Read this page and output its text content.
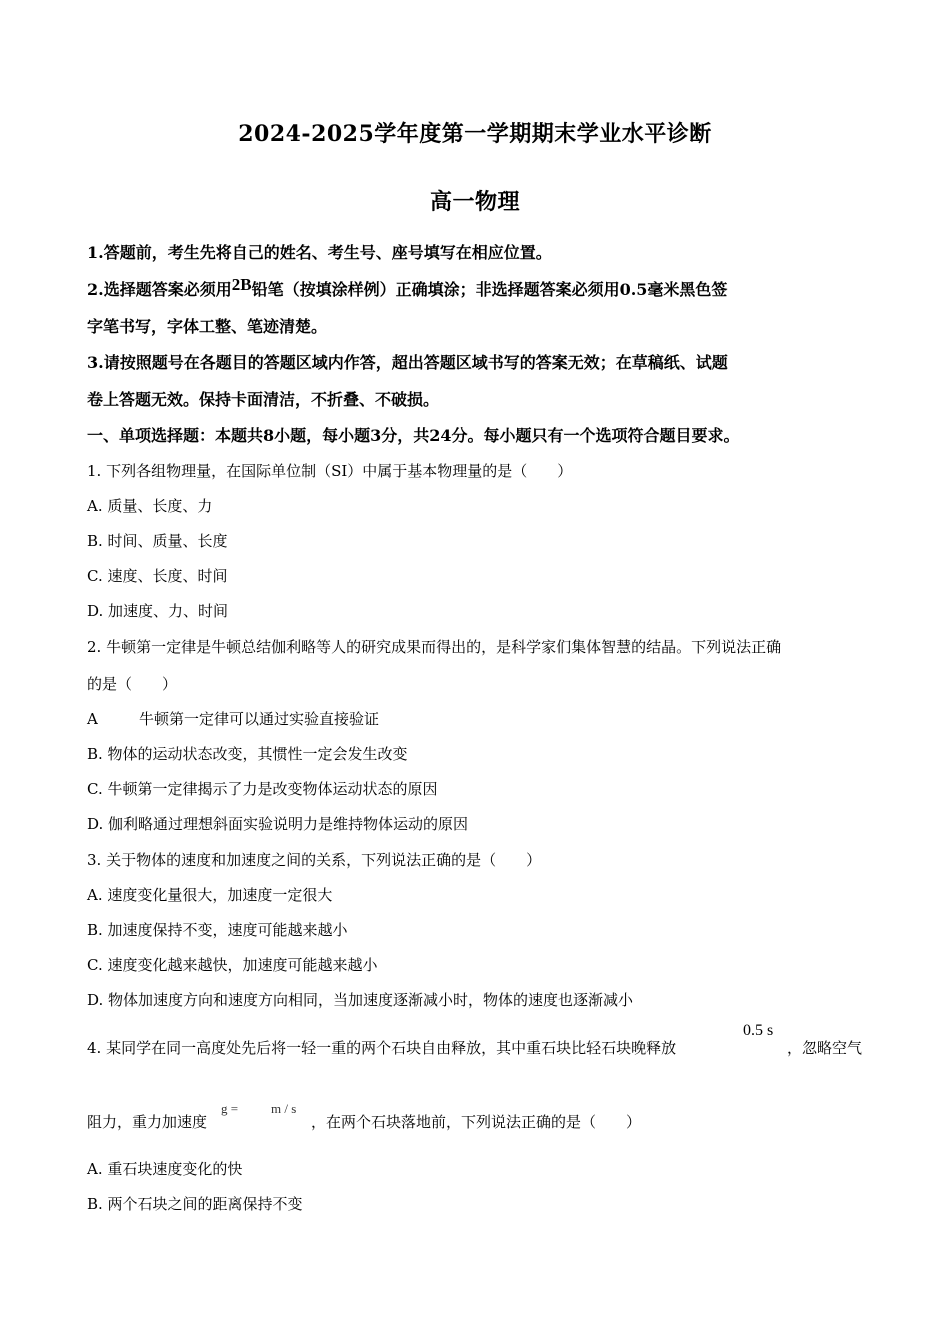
2024-2025学年度第一学期期末学业水平诊断
高一物理
1.答题前，考生先将自己的姓名、考生号、座号填写在相应位置。
2.选择题答案必须用2B铅笔（按填涂样例）正确填涂；非选择题答案必须用0.5毫米黑色签
字笔书写，字体工整、笔迹清楚。
3.请按照题号在各题目的答题区域内作答，超出答题区域书写的答案无效；在草稿纸、试题
卷上答题无效。保持卡面清洁，不折叠、不破损。
一、单项选择题：本题共8小题，每小题3分，共24分。每小题只有一个选项符合题目要求。
1. 下列各组物理量，在国际单位制（SI）中属于基本物理量的是（　　）
A. 质量、长度、力
B. 时间、质量、长度
C. 速度、长度、时间
D. 加速度、力、时间
2. 牛顿第一定律是牛顿总结伽利略等人的研究成果而得出的，是科学家们集体智慧的结晶。下列说法正确
的是（　　）
A	牛顿第一定律可以通过实验直接验证
B. 物体的运动状态改变，其惯性一定会发生改变
C. 牛顿第一定律揭示了力是改变物体运动状态的原因
D. 伽利略通过理想斜面实验说明力是维持物体运动的原因
3. 关于物体的速度和加速度之间的关系，下列说法正确的是（　　）
A. 速度变化量很大，加速度一定很大
B. 加速度保持不变，速度可能越来越小
C. 速度变化越来越快，加速度可能越来越小
D. 物体加速度方向和速度方向相同，当加速度逐渐减小时，物体的速度也逐渐减小
4. 某同学在同一高度处先后将一轻一重的两个石块自由释放，其中重石块比轻石块晚释放
0.5 s
，忽略空气
阻力，重力加速度
g =	m / s
，在两个石块落地前，下列说法正确的是（　　）
A. 重石块速度变化的快
B. 两个石块之间的距离保持不变
